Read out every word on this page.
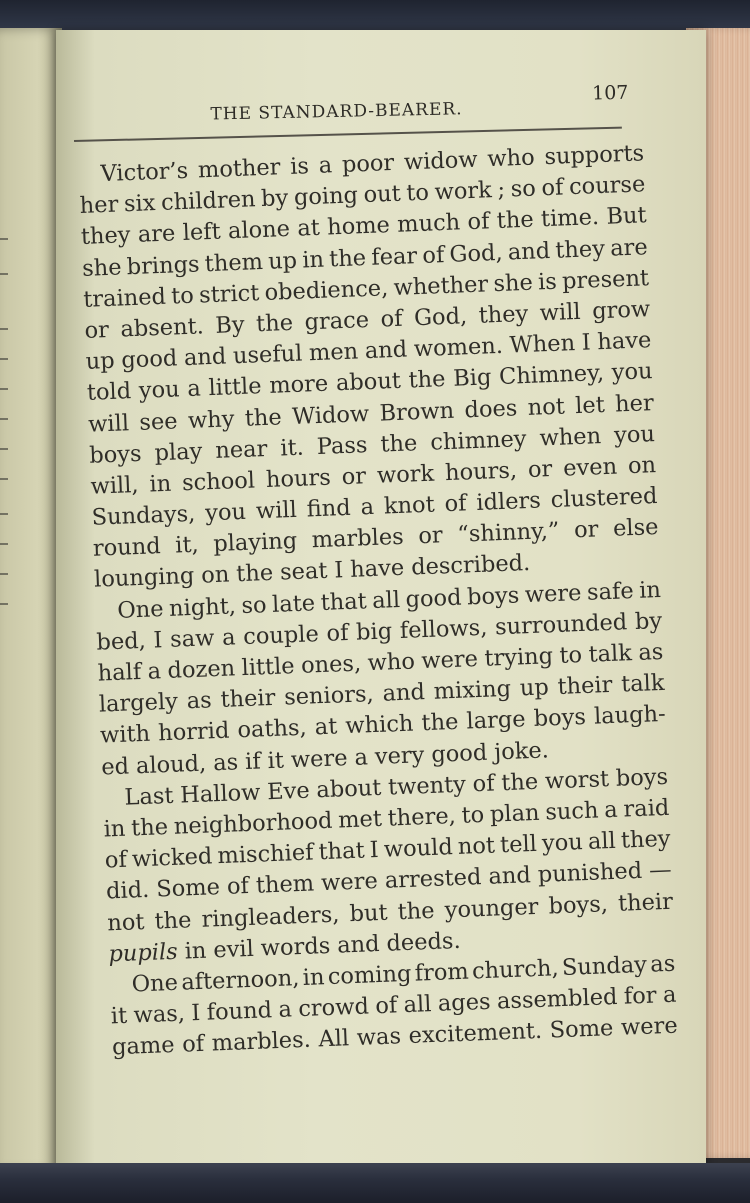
THE STANDARD-BEARER.
107
Victor’s mother is a poor widow who supports
her six children by going out to work ; so of course
they are left alone at home much of the time. But
she brings them up in the fear of God, and they are
trained to strict obedience, whether she is present
or absent. By the grace of God, they will grow
up good and useful men and women. When I have
told you a little more about the Big Chimney, you
will see why the Widow Brown does not let her
boys play near it. Pass the chimney when you
will, in school hours or work hours, or even on
Sundays, you will find a knot of idlers clustered
round it, playing marbles or “shinny,” or else
lounging on the seat I have described.
One night, so late that all good boys were safe in
bed, I saw a couple of big fellows, surrounded by
half a dozen little ones, who were trying to talk as
largely as their seniors, and mixing up their talk
with horrid oaths, at which the large boys laugh-
ed aloud, as if it were a very good joke.
Last Hallow Eve about twenty of the worst boys
in the neighborhood met there, to plan such a raid
of wicked mischief that I would not tell you all they
did. Some of them were arrested and punished —
not the ringleaders, but the younger boys, their
pupils in evil words and deeds.
One afternoon, in coming from church, Sunday as
it was, I found a crowd of all ages assembled for a
game of marbles. All was excitement. Some were
